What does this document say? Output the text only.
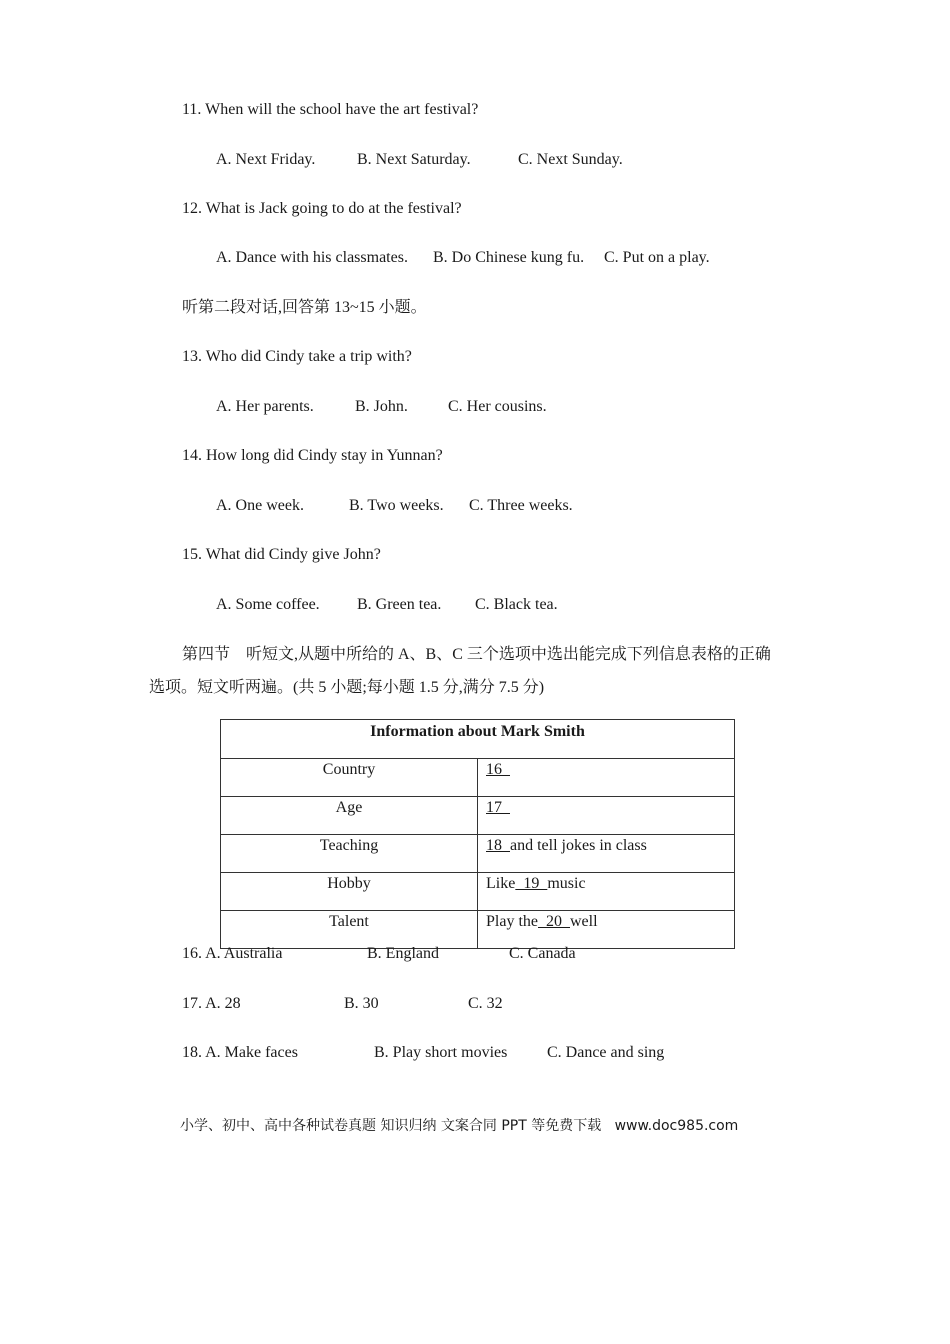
11. When will the school have the art festival?
A. Next Friday.	B. Next Saturday.	C. Next Sunday.
12. What is Jack going to do at the festival?
A. Dance with his classmates. B. Do Chinese kung fu. C. Put on a play.
听第二段对话,回答第 13~15 小题。
13. Who did Cindy take a trip with?
A. Her parents.	B. John.	C. Her cousins.
14. How long did Cindy stay in Yunnan?
A. One week.	B. Two weeks. C. Three weeks.
15. What did Cindy give John?
A. Some coffee. B. Green tea. C. Black tea.
第四节    听短文,从题中所给的 A、B、C 三个选项中选出能完成下列信息表格的正确
选项。短文听两遍。(共 5 小题;每小题 1.5 分,满分 7.5 分)
Information about Mark Smith	
Country	16
Age	17
Teaching	18  and tell jokes in class
Hobby	Like  19  music
Talent	Play the  20  well
16. A. Australia	B. England	C. Canada
17. A. 28	B. 30	C. 32
18. A. Make faces	B. Play short movies C. Dance and sing
小学、初中、高中各种试卷真题 知识归纳 文案合同 PPT 等免费下载   www.doc985.com
